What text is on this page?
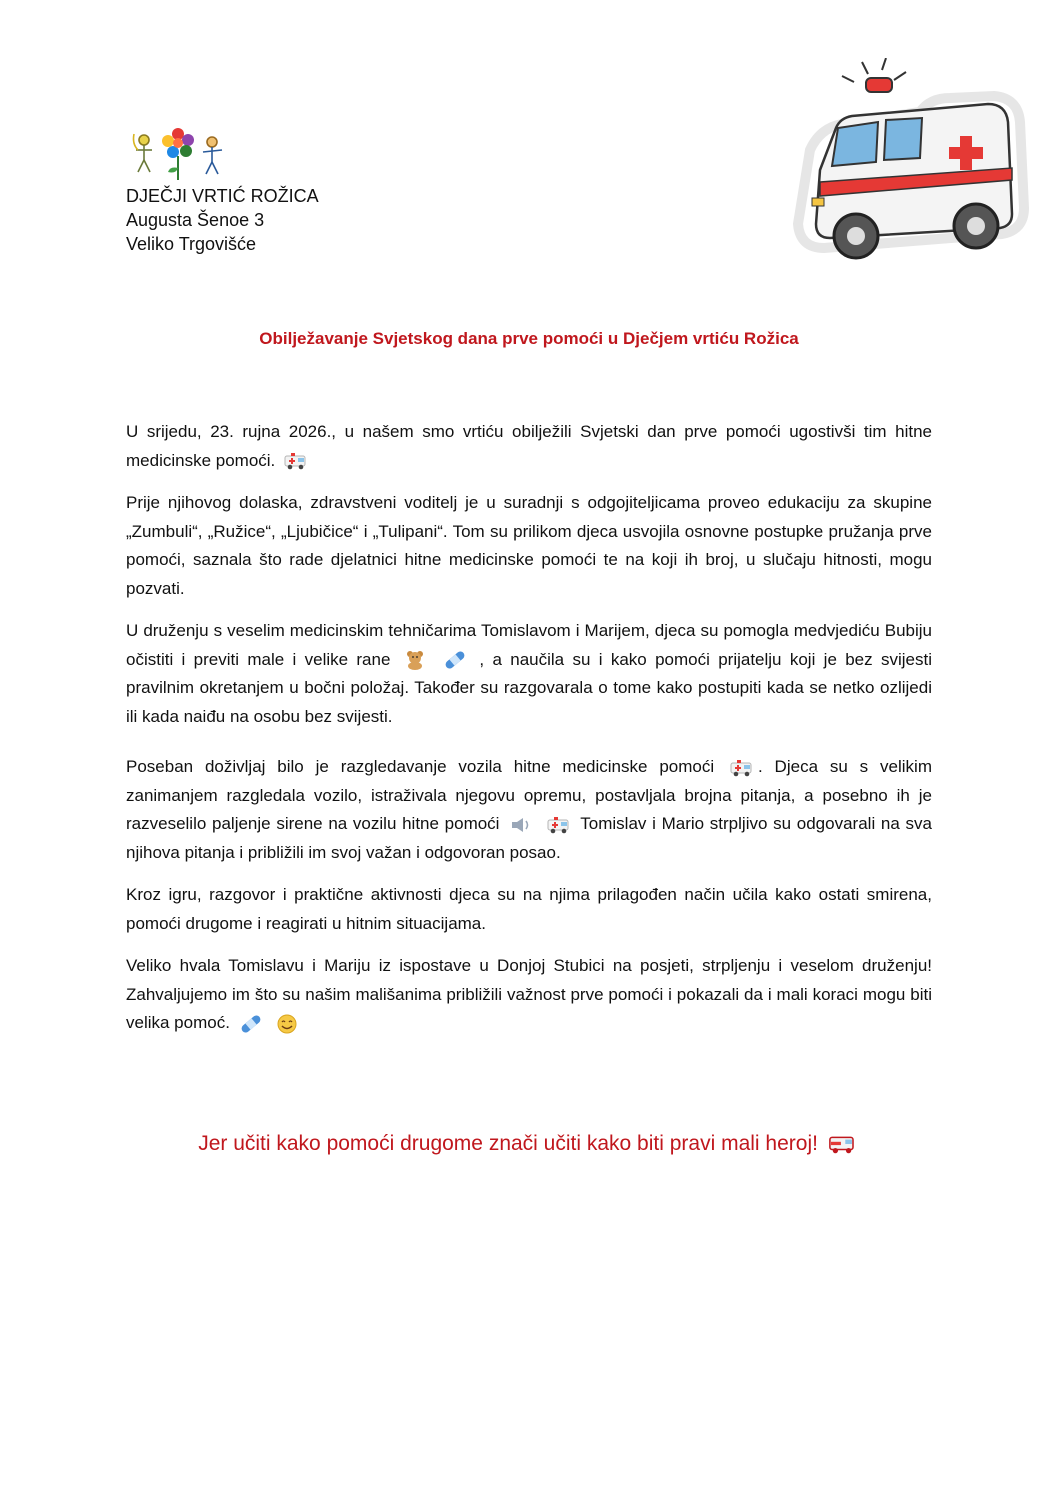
DJEČJI VRTIĆ ROŽICA
Augusta Šenoe 3
Veliko Trgovišće
Obilježavanje Svjetskog dana prve pomoći u Dječjem vrtiću Rožica

U srijedu, 23. rujna 2026., u našem smo vrtiću obilježili Svjetski dan prve pomoći ugostivši tim hitne medicinske pomoći.

Prije njihovog dolaska, zdravstveni voditelj je u suradnji s odgojiteljicama proveo edukaciju za skupine „Zumbuli“, „Ružice“, „Ljubičice“ i „Tulipani“. Tom su prilikom djeca usvojila osnovne postupke pružanja prve pomoći, saznala što rade djelatnici hitne medicinske pomoći te na koji ih broj, u slučaju hitnosti, mogu pozvati.

U druženju s veselim medicinskim tehničarima Tomislavom i Marijem, djeca su pomogla medvjediću Bubiju očistiti i previti male i velike rane
	, a naučila su i kako pomoći prijatelju koji je bez svijesti pravilnim okretanjem u bočni položaj. Također su razgovarala o tome kako postupiti kada se netko ozlijedi ili kada naiđu na osobu bez svijesti.

Poseban doživljaj bilo je razgledavanje vozila hitne medicinske pomoći	. Djeca su s velikim zanimanjem razgledala vozilo, istraživala njegovu opremu, postavljala brojna pitanja, a posebno ih je razveselilo paljenje sirene na vozilu hitne pomoći
	Tomislav i Mario strpljivo su odgovarali na sva njihova pitanja i približili im svoj važan i odgovoran posao.

Kroz igru, razgovor i praktične aktivnosti djeca su na njima prilagođen način učila kako ostati smirena, pomoći drugome i reagirati u hitnim situacijama.

Veliko hvala Tomislavu i Mariju iz ispostave u Donjoj Stubici na posjeti, strpljenju i veselom druženju! Zahvaljujemo im što su našim mališanima približili važnost prve pomoći i pokazali da i mali koraci mogu biti velika pomoć.

Jer učiti kako pomoći drugome znači učiti kako biti pravi mali heroj!
